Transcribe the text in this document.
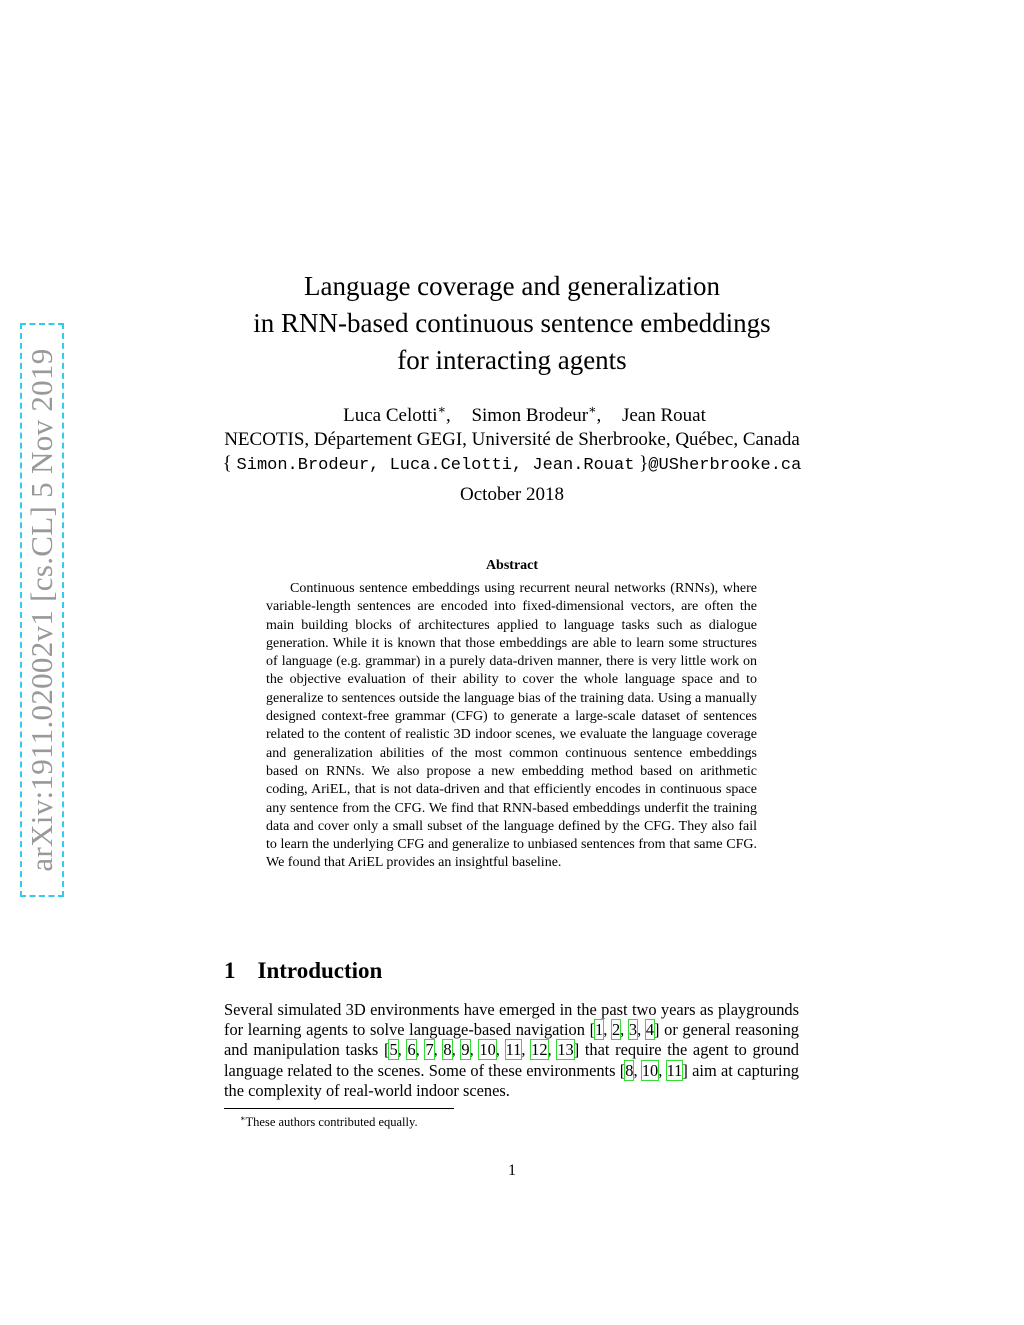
arXiv:1911.02002v1 [cs.CL] 5 Nov 2019
Language coverage and generalization
in RNN-based continuous sentence embeddings
for interacting agents
Luca Celotti∗, Simon Brodeur∗, Jean Rouat
NECOTIS, Département GEGI, Université de Sherbrooke, Québec, Canada
{ Simon.Brodeur, Luca.Celotti, Jean.Rouat }@USherbrooke.ca
October 2018
Abstract
Continuous sentence embeddings using recurrent neural networks (RNNs), where variable-length sentences are encoded into fixed-dimensional vectors, are often the main building blocks of architectures applied to language tasks such as dialogue generation. While it is known that those embeddings are able to learn some structures of language (e.g. grammar) in a purely data-driven manner, there is very little work on the objective evaluation of their ability to cover the whole language space and to generalize to sentences outside the language bias of the training data. Using a manually designed context-free grammar (CFG) to generate a large-scale dataset of sentences related to the content of realistic 3D indoor scenes, we evaluate the language coverage and generalization abilities of the most common continuous sentence embeddings based on RNNs. We also propose a new embedding method based on arithmetic coding, AriEL, that is not data-driven and that efficiently encodes in continuous space any sentence from the CFG. We find that RNN-based embeddings underfit the training data and cover only a small subset of the language defined by the CFG. They also fail to learn the underlying CFG and generalize to unbiased sentences from that same CFG. We found that AriEL provides an insightful baseline.
1 Introduction
Several simulated 3D environments have emerged in the past two years as playgrounds for learning agents to solve language-based navigation [1, 2, 3, 4] or general reasoning and manipulation tasks [5, 6, 7, 8, 9, 10, 11, 12, 13] that require the agent to ground language related to the scenes. Some of these environments [8, 10, 11] aim at capturing the complexity of real-world indoor scenes.
∗These authors contributed equally.
1
